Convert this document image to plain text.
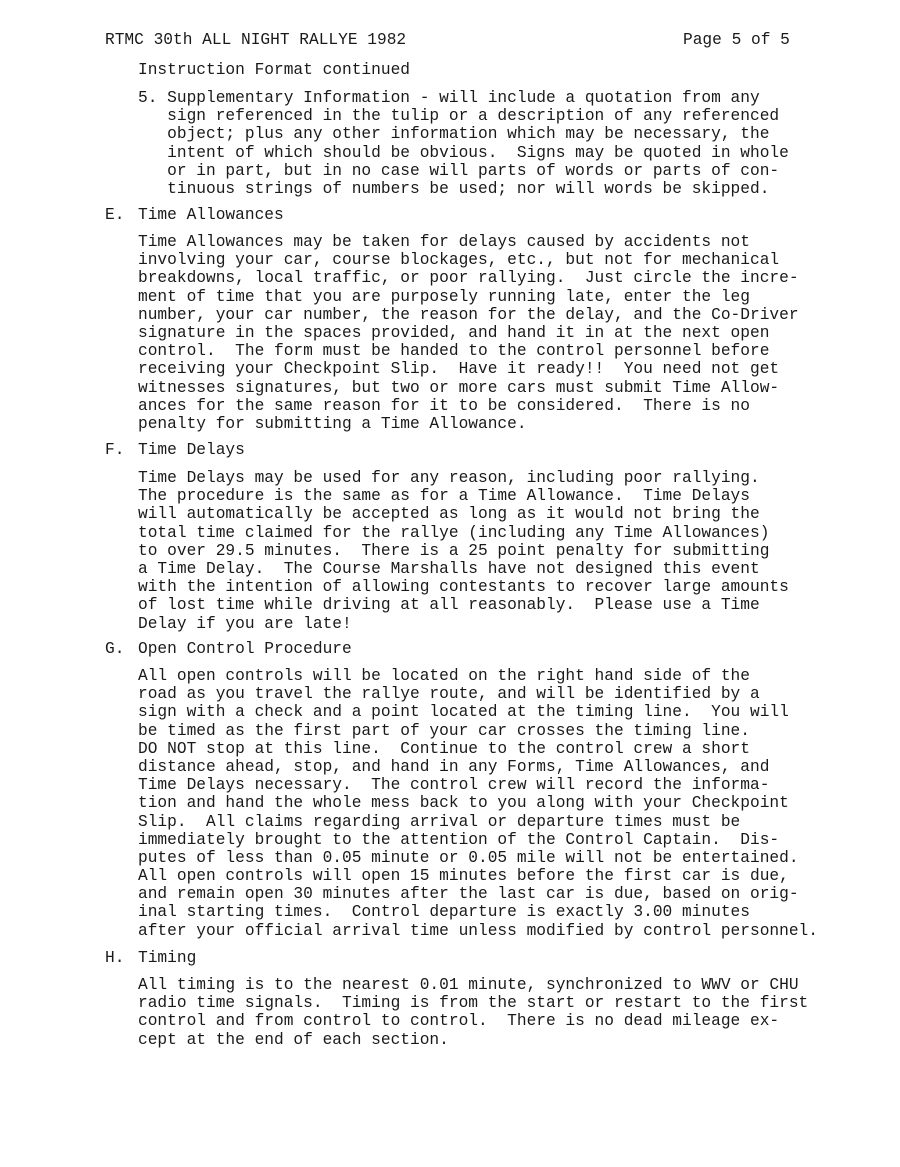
RTMC 30th ALL NIGHT RALLYE 1982	Page 5 of 5
Instruction Format continued
5. Supplementary Information - will include a quotation from any
sign referenced in the tulip or a description of any referenced
object; plus any other information which may be necessary, the
intent of which should be obvious.  Signs may be quoted in whole
or in part, but in no case will parts of words or parts of con-
tinuous strings of numbers be used; nor will words be skipped.
E. Time Allowances
Time Allowances may be taken for delays caused by accidents not
involving your car, course blockages, etc., but not for mechanical
breakdowns, local traffic, or poor rallying.  Just circle the incre-
ment of time that you are purposely running late, enter the leg
number, your car number, the reason for the delay, and the Co-Driver
signature in the spaces provided, and hand it in at the next open
control.  The form must be handed to the control personnel before
receiving your Checkpoint Slip.  Have it ready!!  You need not get
witnesses signatures, but two or more cars must submit Time Allow-
ances for the same reason for it to be considered.  There is no
penalty for submitting a Time Allowance.
F. Time Delays
Time Delays may be used for any reason, including poor rallying.
The procedure is the same as for a Time Allowance.  Time Delays
will automatically be accepted as long as it would not bring the
total time claimed for the rallye (including any Time Allowances)
to over 29.5 minutes.  There is a 25 point penalty for submitting
a Time Delay.  The Course Marshalls have not designed this event
with the intention of allowing contestants to recover large amounts
of lost time while driving at all reasonably.  Please use a Time
Delay if you are late!
G. Open Control Procedure
All open controls will be located on the right hand side of the
road as you travel the rallye route, and will be identified by a
sign with a check and a point located at the timing line.  You will
be timed as the first part of your car crosses the timing line.
DO NOT stop at this line.  Continue to the control crew a short
distance ahead, stop, and hand in any Forms, Time Allowances, and
Time Delays necessary.  The control crew will record the informa-
tion and hand the whole mess back to you along with your Checkpoint
Slip.  All claims regarding arrival or departure times must be
immediately brought to the attention of the Control Captain.  Dis-
putes of less than 0.05 minute or 0.05 mile will not be entertained.
All open controls will open 15 minutes before the first car is due,
and remain open 30 minutes after the last car is due, based on orig-
inal starting times.  Control departure is exactly 3.00 minutes
after your official arrival time unless modified by control personnel.
H. Timing
All timing is to the nearest 0.01 minute, synchronized to WWV or CHU
radio time signals.  Timing is from the start or restart to the first
control and from control to control.  There is no dead mileage ex-
cept at the end of each section.
